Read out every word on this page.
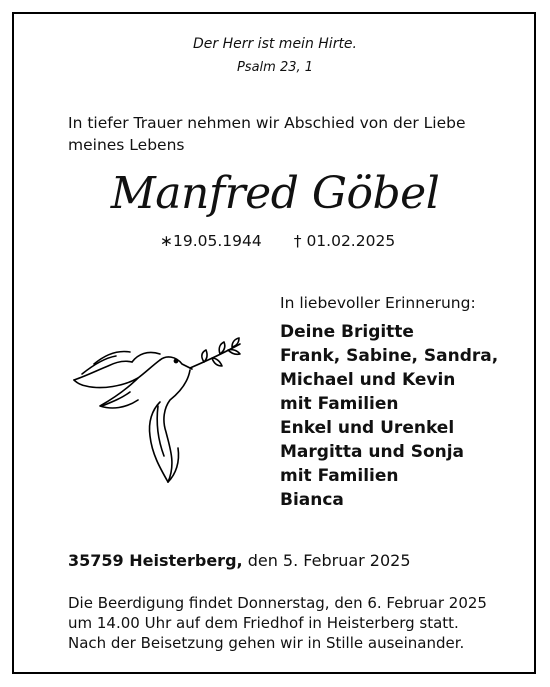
Der Herr ist mein Hirte.
Psalm 23, 1
In tiefer Trauer nehmen wir Abschied von der Liebe
meines Lebens
Manfred Göbel
∗19.05.1944 † 01.02.2025
In liebevoller Erinnerung:
Deine Brigitte
Frank, Sabine, Sandra,
Michael und Kevin
mit Familien
Enkel und Urenkel
Margitta und Sonja
mit Familien
Bianca
35759 Heisterberg, den 5. Februar 2025
Die Beerdigung findet Donnerstag, den 6. Februar 2025
um 14.00 Uhr auf dem Friedhof in Heisterberg statt.
Nach der Beisetzung gehen wir in Stille auseinander.
